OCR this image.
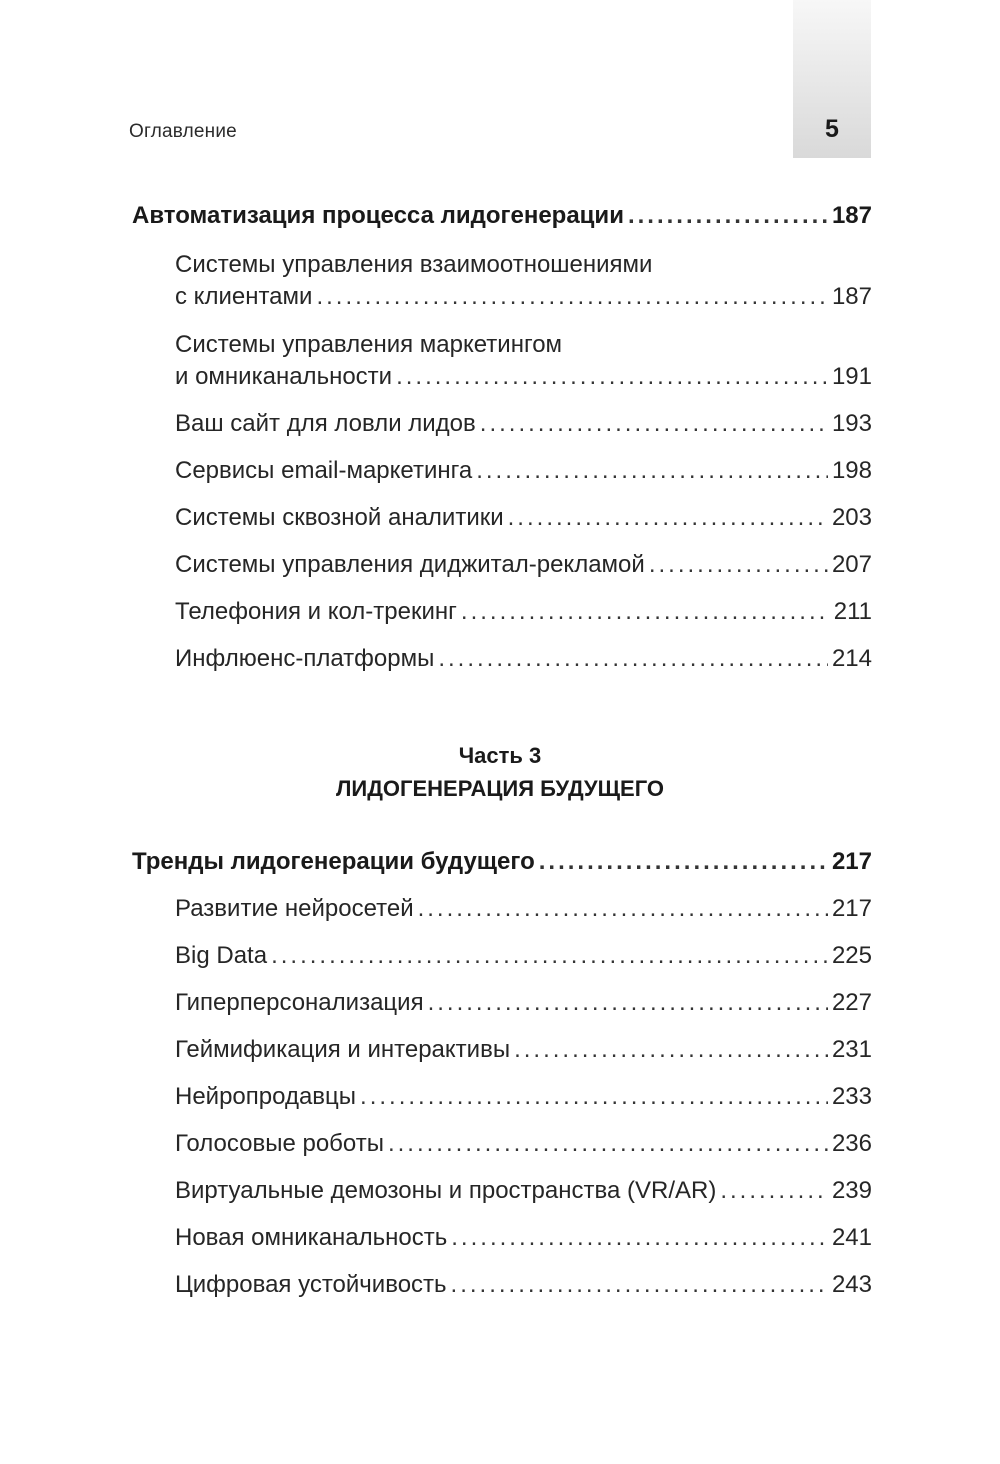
5
Оглавление
Автоматизация процесса лидогенерации .....	187
Системы управления взаимоотношениями
с клиентами .....	187
Системы управления маркетингом
и омниканальности .....	191
Ваш сайт для ловли лидов .....	193
Сервисы email-маркетинга .....	198
Системы сквозной аналитики .....	203
Системы управления диджитал-рекламой .....	207
Телефония и кол-трекинг .....	211
Инфлюенс-платформы .....	214
Часть 3
ЛИДОГЕНЕРАЦИЯ БУДУЩЕГО
Тренды лидогенерации будущего .....	217
Развитие нейросетей .....	217
Big Data .....	225
Гиперперсонализация .....	227
Геймификация и интерактивы .....	231
Нейропродавцы .....	233
Голосовые роботы .....	236
Виртуальные демозоны и пространства (VR/AR) .....	239
Новая омниканальность .....	241
Цифровая устойчивость .....	243
